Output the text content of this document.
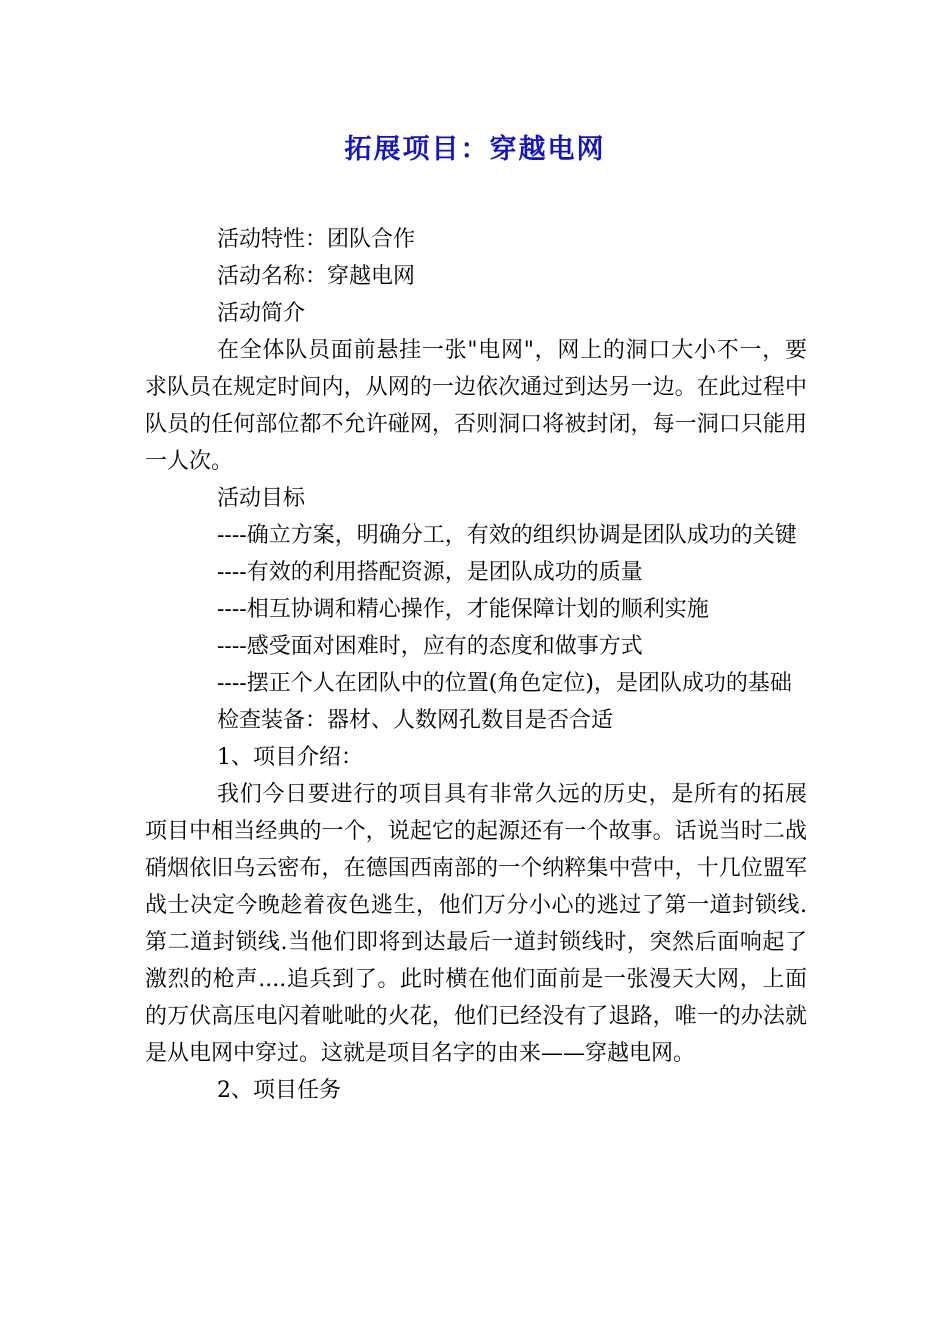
拓展项目：穿越电网

活动特性：团队合作

活动名称：穿越电网

活动简介

在全体队员面前悬挂一张"电网"，网上的洞口大小不一，要求队员在规定时间内，从网的一边依次通过到达另一边。在此过程中队员的任何部位都不允许碰网，否则洞口将被封闭，每一洞口只能用一人次。

活动目标

----确立方案，明确分工，有效的组织协调是团队成功的关键

----有效的利用搭配资源，是团队成功的质量

----相互协调和精心操作，才能保障计划的顺利实施

----感受面对困难时，应有的态度和做事方式

----摆正个人在团队中的位置(角色定位)，是团队成功的基础

检查装备：器材、人数网孔数目是否合适

1、项目介绍：

我们今日要进行的项目具有非常久远的历史，是所有的拓展项目中相当经典的一个，说起它的起源还有一个故事。话说当时二战硝烟依旧乌云密布，在德国西南部的一个纳粹集中营中，十几位盟军战士决定今晚趁着夜色逃生，他们万分小心的逃过了第一道封锁线.第二道封锁线.当他们即将到达最后一道封锁线时，突然后面响起了激烈的枪声....追兵到了。此时横在他们面前是一张漫天大网，上面的万伏高压电闪着呲呲的火花，他们已经没有了退路，唯一的办法就是从电网中穿过。这就是项目名字的由来——穿越电网。

2、项目任务
